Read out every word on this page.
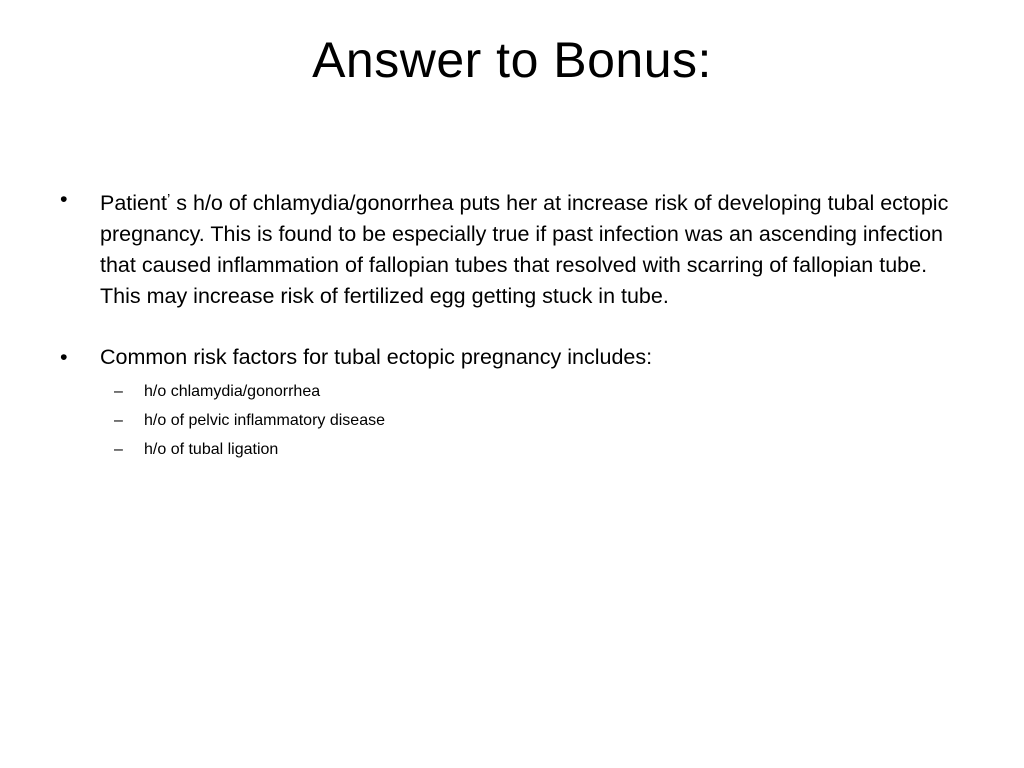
Answer to Bonus:
•	Patient’ s h/o of chlamydia/gonorrhea puts her at increase risk of developing tubal ectopic pregnancy. This is found to be especially true if past infection was an ascending infection that caused inflammation of fallopian tubes that resolved with scarring of fallopian tube. This may increase risk of fertilized egg getting stuck in tube.
•	Common risk factors for tubal ectopic pregnancy includes:
– h/o chlamydia/gonorrhea
– h/o of pelvic inflammatory disease
– h/o of tubal ligation
